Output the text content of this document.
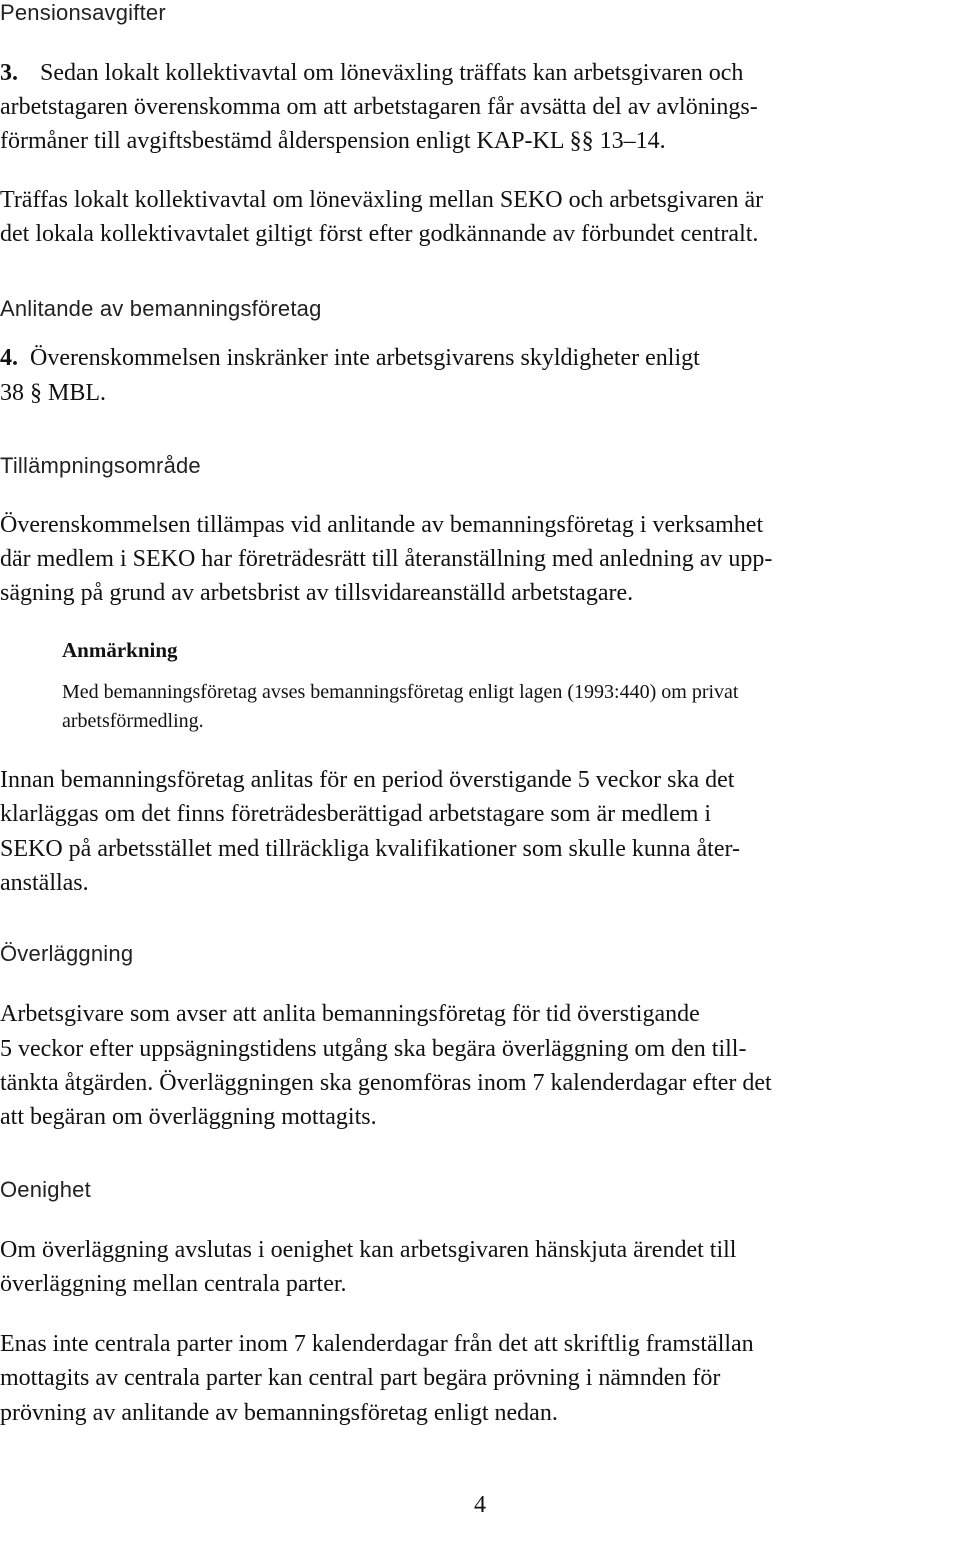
Pensionsavgifter

3. Sedan lokalt kollektivavtal om löneväxling träffats kan arbetsgivaren och

arbetstagaren överenskomma om att arbetstagaren får avsätta del av avlönings-

förmåner till avgiftsbestämd ålderspension enligt KAP-KL §§ 13–14.

Träffas lokalt kollektivavtal om löneväxling mellan SEKO och arbetsgivaren är

det lokala kollektivavtalet giltigt först efter godkännande av förbundet centralt.

Anlitande av bemanningsföretag

4. Överenskommelsen inskränker inte arbetsgivarens skyldigheter enligt

38 § MBL.

Tillämpningsområde

Överenskommelsen tillämpas vid anlitande av bemanningsföretag i verksamhet

där medlem i SEKO har företrädesrätt till återanställning med anledning av upp-

sägning på grund av arbetsbrist av tillsvidareanställd arbetstagare.

Anmärkning

Med bemanningsföretag avses bemanningsföretag enligt lagen (1993:440) om privat

arbetsförmedling.

Innan bemanningsföretag anlitas för en period överstigande 5 veckor ska det

klarläggas om det finns företrädesberättigad arbetstagare som är medlem i

SEKO på arbetsstället med tillräckliga kvalifikationer som skulle kunna åter-

anställas.

Överläggning

Arbetsgivare som avser att anlita bemanningsföretag för tid överstigande

5 veckor efter uppsägningstidens utgång ska begära överläggning om den till-

tänkta åtgärden. Överläggningen ska genomföras inom 7 kalenderdagar efter det

att begäran om överläggning mottagits.

Oenighet

Om överläggning avslutas i oenighet kan arbetsgivaren hänskjuta ärendet till

överläggning mellan centrala parter.

Enas inte centrala parter inom 7 kalenderdagar från det att skriftlig framställan

mottagits av centrala parter kan central part begära prövning i nämnden för

prövning av anlitande av bemanningsföretag enligt nedan.

4
